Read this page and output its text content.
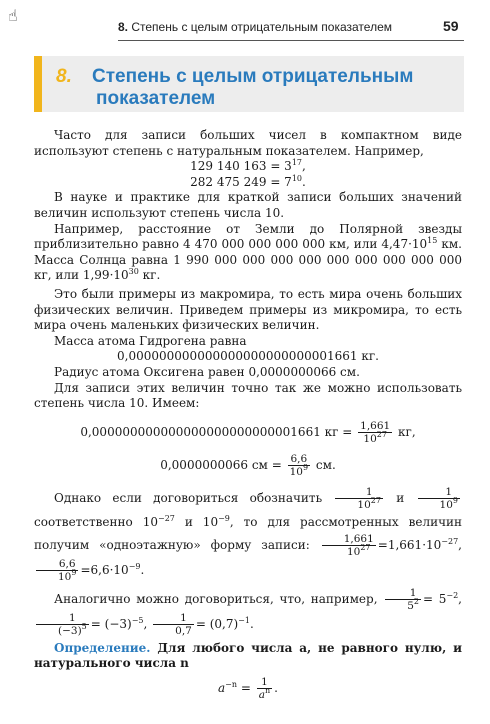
☝
8. Степень с целым отрицательным показателем	59
8. Степень с целым отрицательным
показателем

Часто для записи больших чисел в компактном виде используют степень с натуральным показателем. Например,

129 140 $163 = 3^{17}$,

282 475 $249 = 7^{10}$.

В науке и практике для краткой записи больших значений величин используют степень числа 10.

Например, расстояние от Земли до Полярной звезды приблизительно равно 4 470 000 000 000 000 км, или $4,47\cdot 10^{15}$ км. Масса Солнца равна 1 990 000 000 000 000 000 000 000 000 000 кг, или $1,99\cdot 10^{30}$ кг.

Это были примеры из макромира, то есть мира очень больших физических величин. Приведем примеры из микромира, то есть мира очень маленьких физических величин.

Масса атома Гидрогена равна

0,000000000000000000000000001661 кг.

Радиус атома Оксигена равен 0,0000000066 см.

Для записи этих величин точно так же можно использовать степень числа 10. Имеем:

0,000000000000000000000000001661 кг = $\frac{1,661}{10^{27}}$ кг,
0,0000000066 см = $\frac{6,6}{10^9}$ см.

Однако если договориться обозначить $\frac{1}{10^{27}}$ и $\frac{1}{10^9}$
соответственно $10^{-27}$ и $10^{-9}$, то для рассмотренных величин получим «одноэтажную» форму записи: $\frac{1,661}{10^{27}} =1,661\cdot 10^{-27}$,
$\frac{6,6}{10^9} =6,6\cdot 10^{-9}$.

Аналогично можно договориться, что, например, $\frac{1}{5^2} = 5^{-2}$,
$\frac{1}{(-3)^5} = (-3)^{-5}$, $\frac{1}{0,7} = (0,7)^{-1}$.

Определение. Для любого числа a, не равного нулю, и натурального числа n

$a^{-n} = \frac{1}{a^n}$ .
